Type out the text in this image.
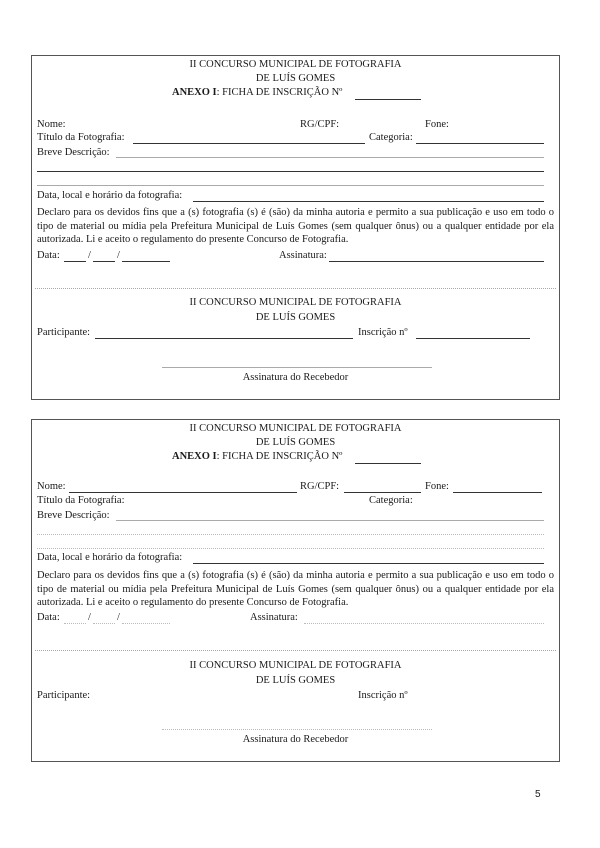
II CONCURSO MUNICIPAL DE FOTOGRAFIA
DE LUÍS GOMES
ANEXO I: FICHA DE INSCRIÇÃO Nº
Nome:	RG/CPF:	Fone:
Título da Fotografia:	Categoria:
Breve Descrição:
Data, local e horário da fotografia:
Declaro para os devidos fins que a (s) fotografia (s) é (são) da minha autoria e permito a sua publicação e uso em todo o tipo de material ou mídia pela Prefeitura Municipal de Luís Gomes (sem qualquer ônus) ou a qualquer entidade por ela autorizada. Li e aceito o regulamento do presente Concurso de Fotografia.
Data:	/ /	Assinatura:
II CONCURSO MUNICIPAL DE FOTOGRAFIA
DE LUÍS GOMES
Participante:	Inscrição nº
Assinatura do Recebedor
II CONCURSO MUNICIPAL DE FOTOGRAFIA
DE LUÍS GOMES
ANEXO I: FICHA DE INSCRIÇÃO Nº
Nome:	RG/CPF:	Fone:
Título da Fotografia:	Categoria:
Breve Descrição:
Data, local e horário da fotografia:
Declaro para os devidos fins que a (s) fotografia (s) é (são) da minha autoria e permito a sua publicação e uso em todo o tipo de material ou mídia pela Prefeitura Municipal de Luís Gomes (sem qualquer ônus) ou a qualquer entidade por ela autorizada. Li e aceito o regulamento do presente Concurso de Fotografia.
Data:	/ /	Assinatura:
II CONCURSO MUNICIPAL DE FOTOGRAFIA
DE LUÍS GOMES
Participante:	Inscrição nº
Assinatura do Recebedor
5
